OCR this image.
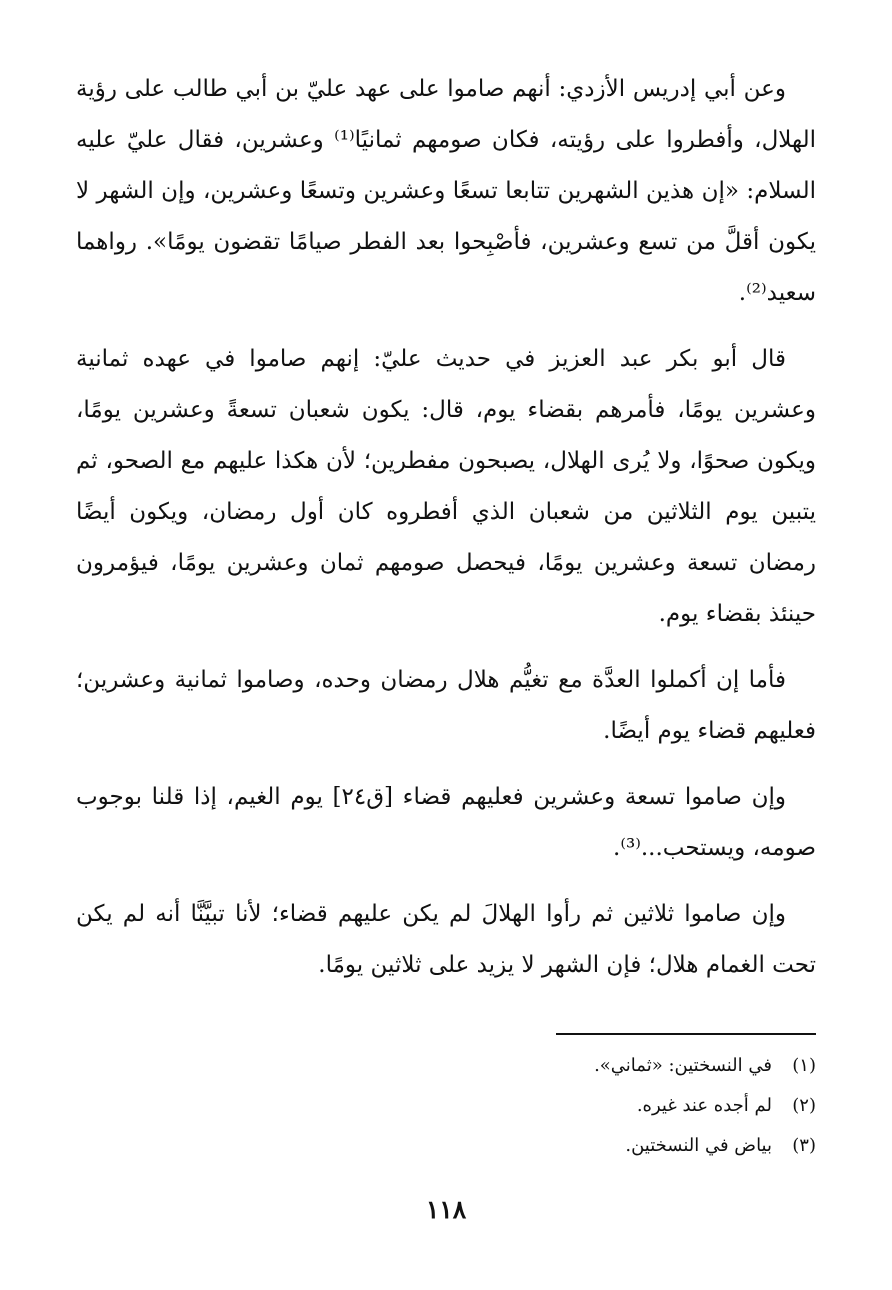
وعن أبي إدريس الأزدي: أنهم صاموا على عهد عليّ بن أبي طالب على رؤية الهلال، وأفطروا على رؤيته، فكان صومهم ثمانيًا⁽¹⁾ وعشرين، فقال عليّ عليه السلام: «إن هذين الشهرين تتابعا تسعًا وعشرين وتسعًا وعشرين، وإن الشهر لا يكون أقلَّ من تسع وعشرين، فأصْبِحوا بعد الفطر صيامًا تقضون يومًا». رواهما سعيد⁽²⁾.

قال أبو بكر عبد العزيز في حديث عليّ: إنهم صاموا في عهده ثمانية وعشرين يومًا، فأمرهم بقضاء يوم، قال: يكون شعبان تسعةً وعشرين يومًا، ويكون صحوًا، ولا يُرى الهلال، يصبحون مفطرين؛ لأن هكذا عليهم مع الصحو، ثم يتبين يوم الثلاثين من شعبان الذي أفطروه كان أول رمضان، ويكون أيضًا رمضان تسعة وعشرين يومًا، فيحصل صومهم ثمان وعشرين يومًا، فيؤمرون حينئذ بقضاء يوم.

فأما إن أكملوا العدَّة مع تغيُّم هلال رمضان وحده، وصاموا ثمانية وعشرين؛ فعليهم قضاء يوم أيضًا.

وإن صاموا تسعة وعشرين فعليهم قضاء [ق٢٤] يوم الغيم، إذا قلنا بوجوب صومه، ويستحب...⁽³⁾.

وإن صاموا ثلاثين ثم رأوا الهلالَ لم يكن عليهم قضاء؛ لأنا تبيَّنَّا أنه لم يكن تحت الغمام هلال؛ فإن الشهر لا يزيد على ثلاثين يومًا.

(١)في النسختين: «ثماني».

(٢)لم أجده عند غيره.

(٣)بياض في النسختين.

١١٨
